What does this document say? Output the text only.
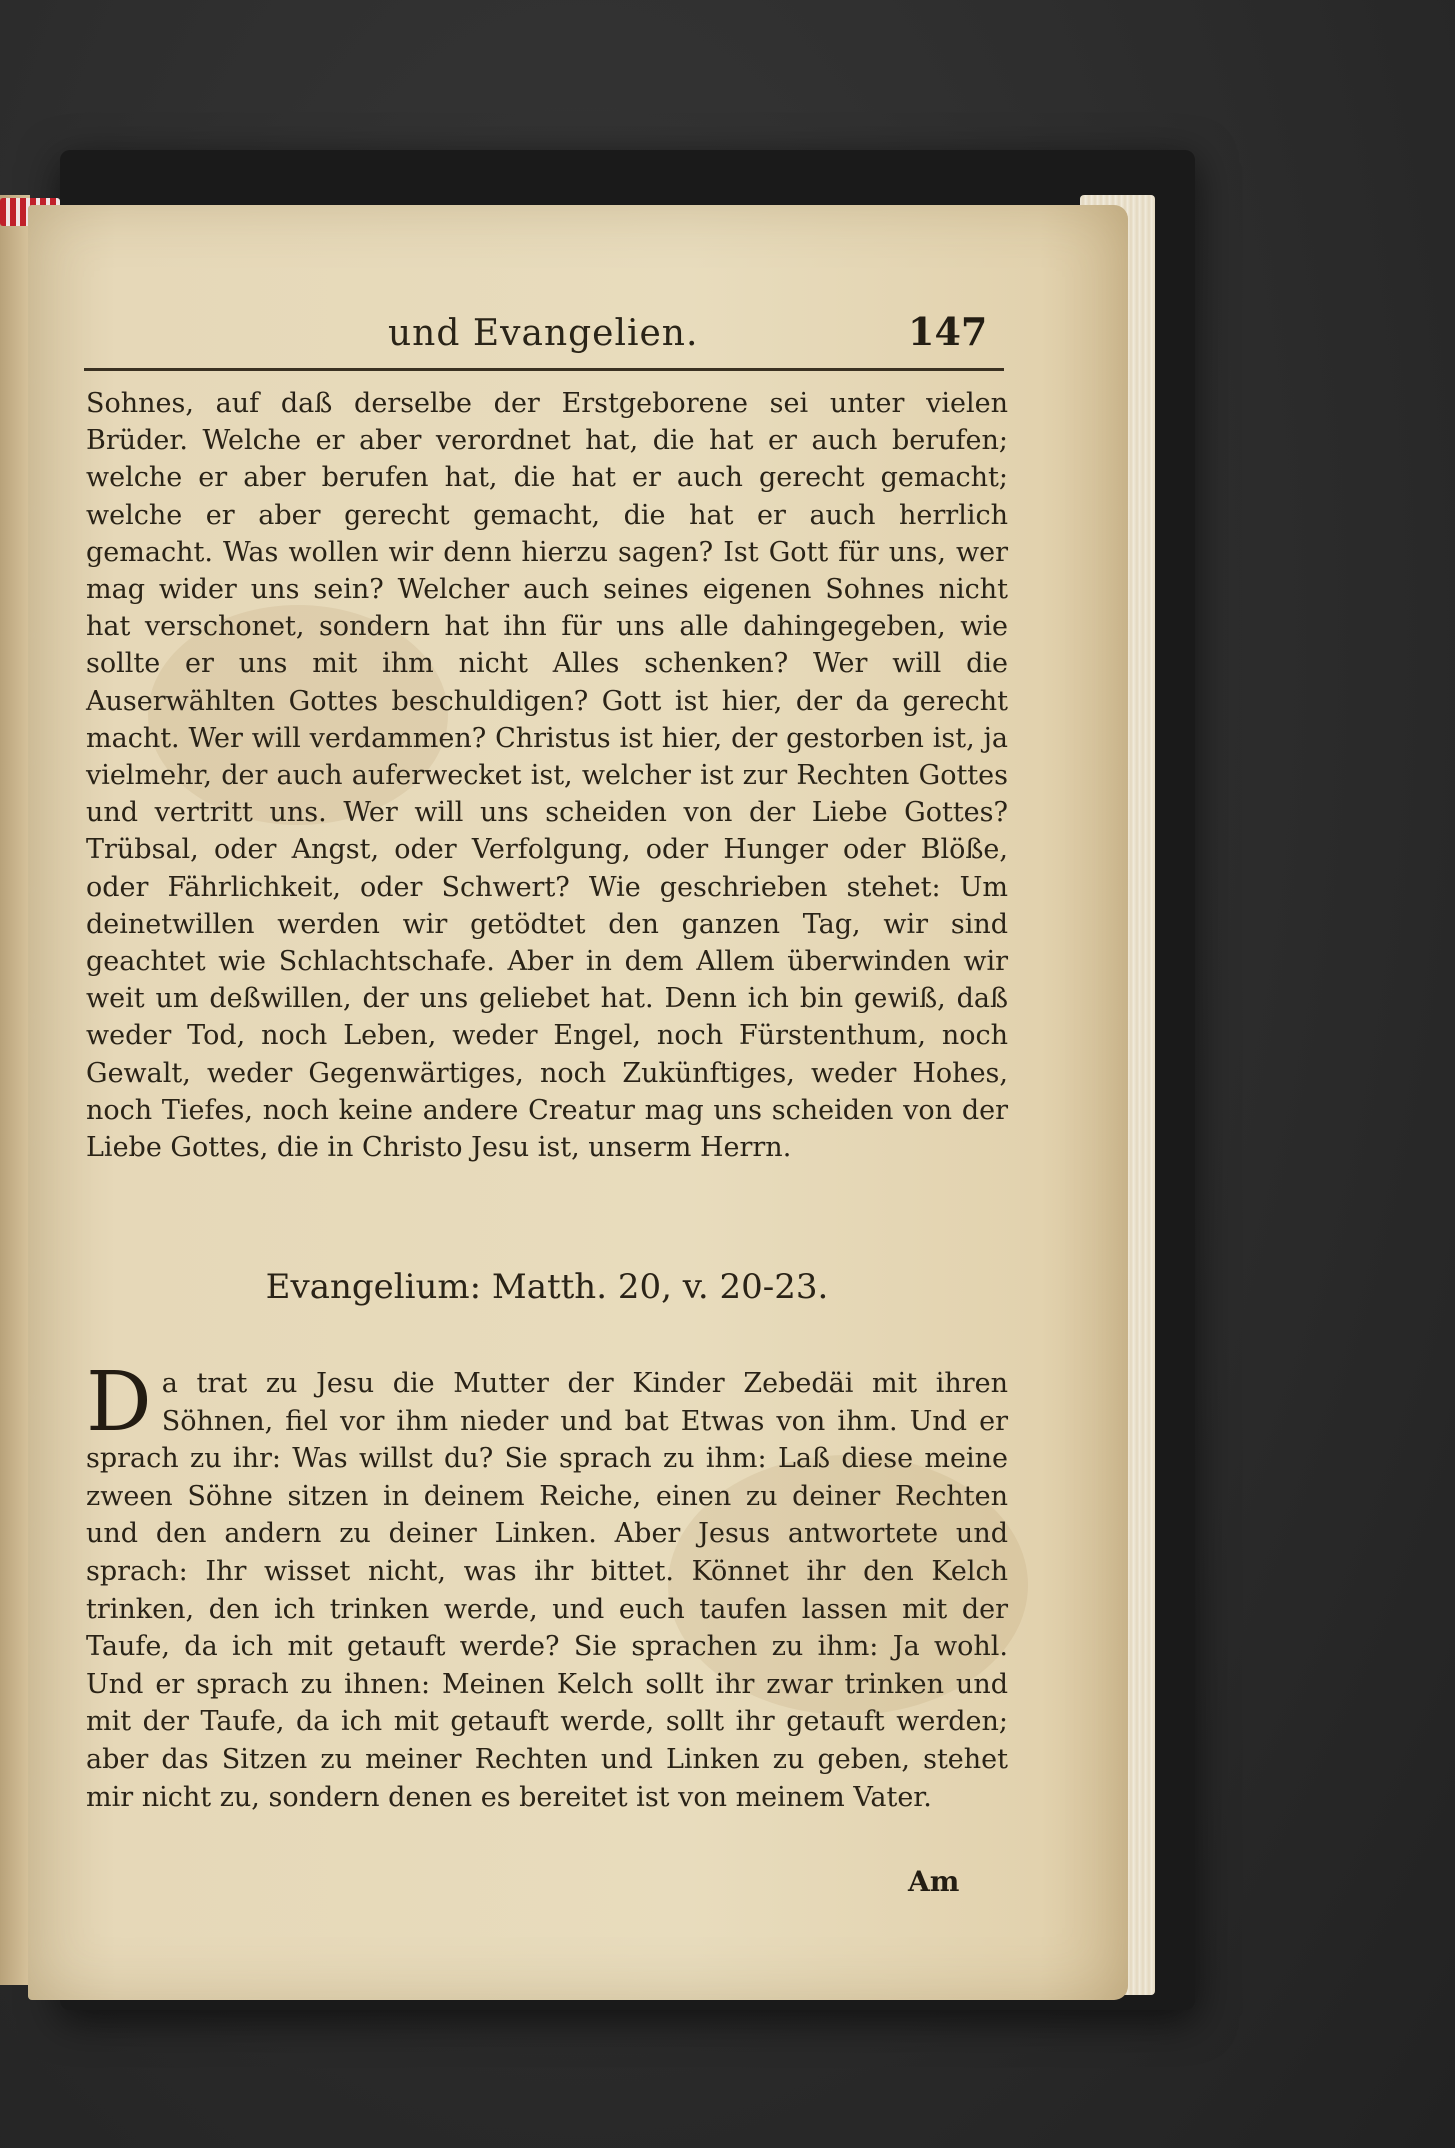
und Evangelien.	147
Sohnes, auf daß derselbe der Erstgeborene sei unter vielen Brüder. Welche er aber verordnet hat, die hat er auch berufen; welche er aber berufen hat, die hat er auch gerecht gemacht; welche er aber gerecht gemacht, die hat er auch herrlich gemacht. Was wollen wir denn hierzu sagen? Ist Gott für uns, wer mag wider uns sein? Welcher auch seines eigenen Sohnes nicht hat verschonet, sondern hat ihn für uns alle dahingegeben, wie sollte er uns mit ihm nicht Alles schenken? Wer will die Auserwählten Gottes beschuldigen? Gott ist hier, der da gerecht macht. Wer will verdammen? Christus ist hier, der gestorben ist, ja vielmehr, der auch auferwecket ist, welcher ist zur Rechten Gottes und vertritt uns. Wer will uns scheiden von der Liebe Gottes? Trübsal, oder Angst, oder Verfolgung, oder Hunger oder Blöße, oder Fährlichkeit, oder Schwert? Wie geschrieben stehet: Um deinetwillen werden wir getödtet den ganzen Tag, wir sind geachtet wie Schlachtschafe. Aber in dem Allem überwinden wir weit um deßwillen, der uns geliebet hat. Denn ich bin gewiß, daß weder Tod, noch Leben, weder Engel, noch Fürstenthum, noch Gewalt, weder Gegenwärtiges, noch Zukünftiges, weder Hohes, noch Tiefes, noch keine andere Creatur mag uns scheiden von der Liebe Gottes, die in Christo Jesu ist, unserm Herrn.
Evangelium: Matth. 20, v. 20-23.
Da trat zu Jesu die Mutter der Kinder Zebedäi mit ihren Söhnen, fiel vor ihm nieder und bat Etwas von ihm. Und er sprach zu ihr: Was willst du? Sie sprach zu ihm: Laß diese meine zween Söhne sitzen in deinem Reiche, einen zu deiner Rechten und den andern zu deiner Linken. Aber Jesus antwortete und sprach: Ihr wisset nicht, was ihr bittet. Könnet ihr den Kelch trinken, den ich trinken werde, und euch taufen lassen mit der Taufe, da ich mit getauft werde? Sie sprachen zu ihm: Ja wohl. Und er sprach zu ihnen: Meinen Kelch sollt ihr zwar trinken und mit der Taufe, da ich mit getauft werde, sollt ihr getauft werden; aber das Sitzen zu meiner Rechten und Linken zu geben, stehet mir nicht zu, sondern denen es bereitet ist von meinem Vater.
Am
